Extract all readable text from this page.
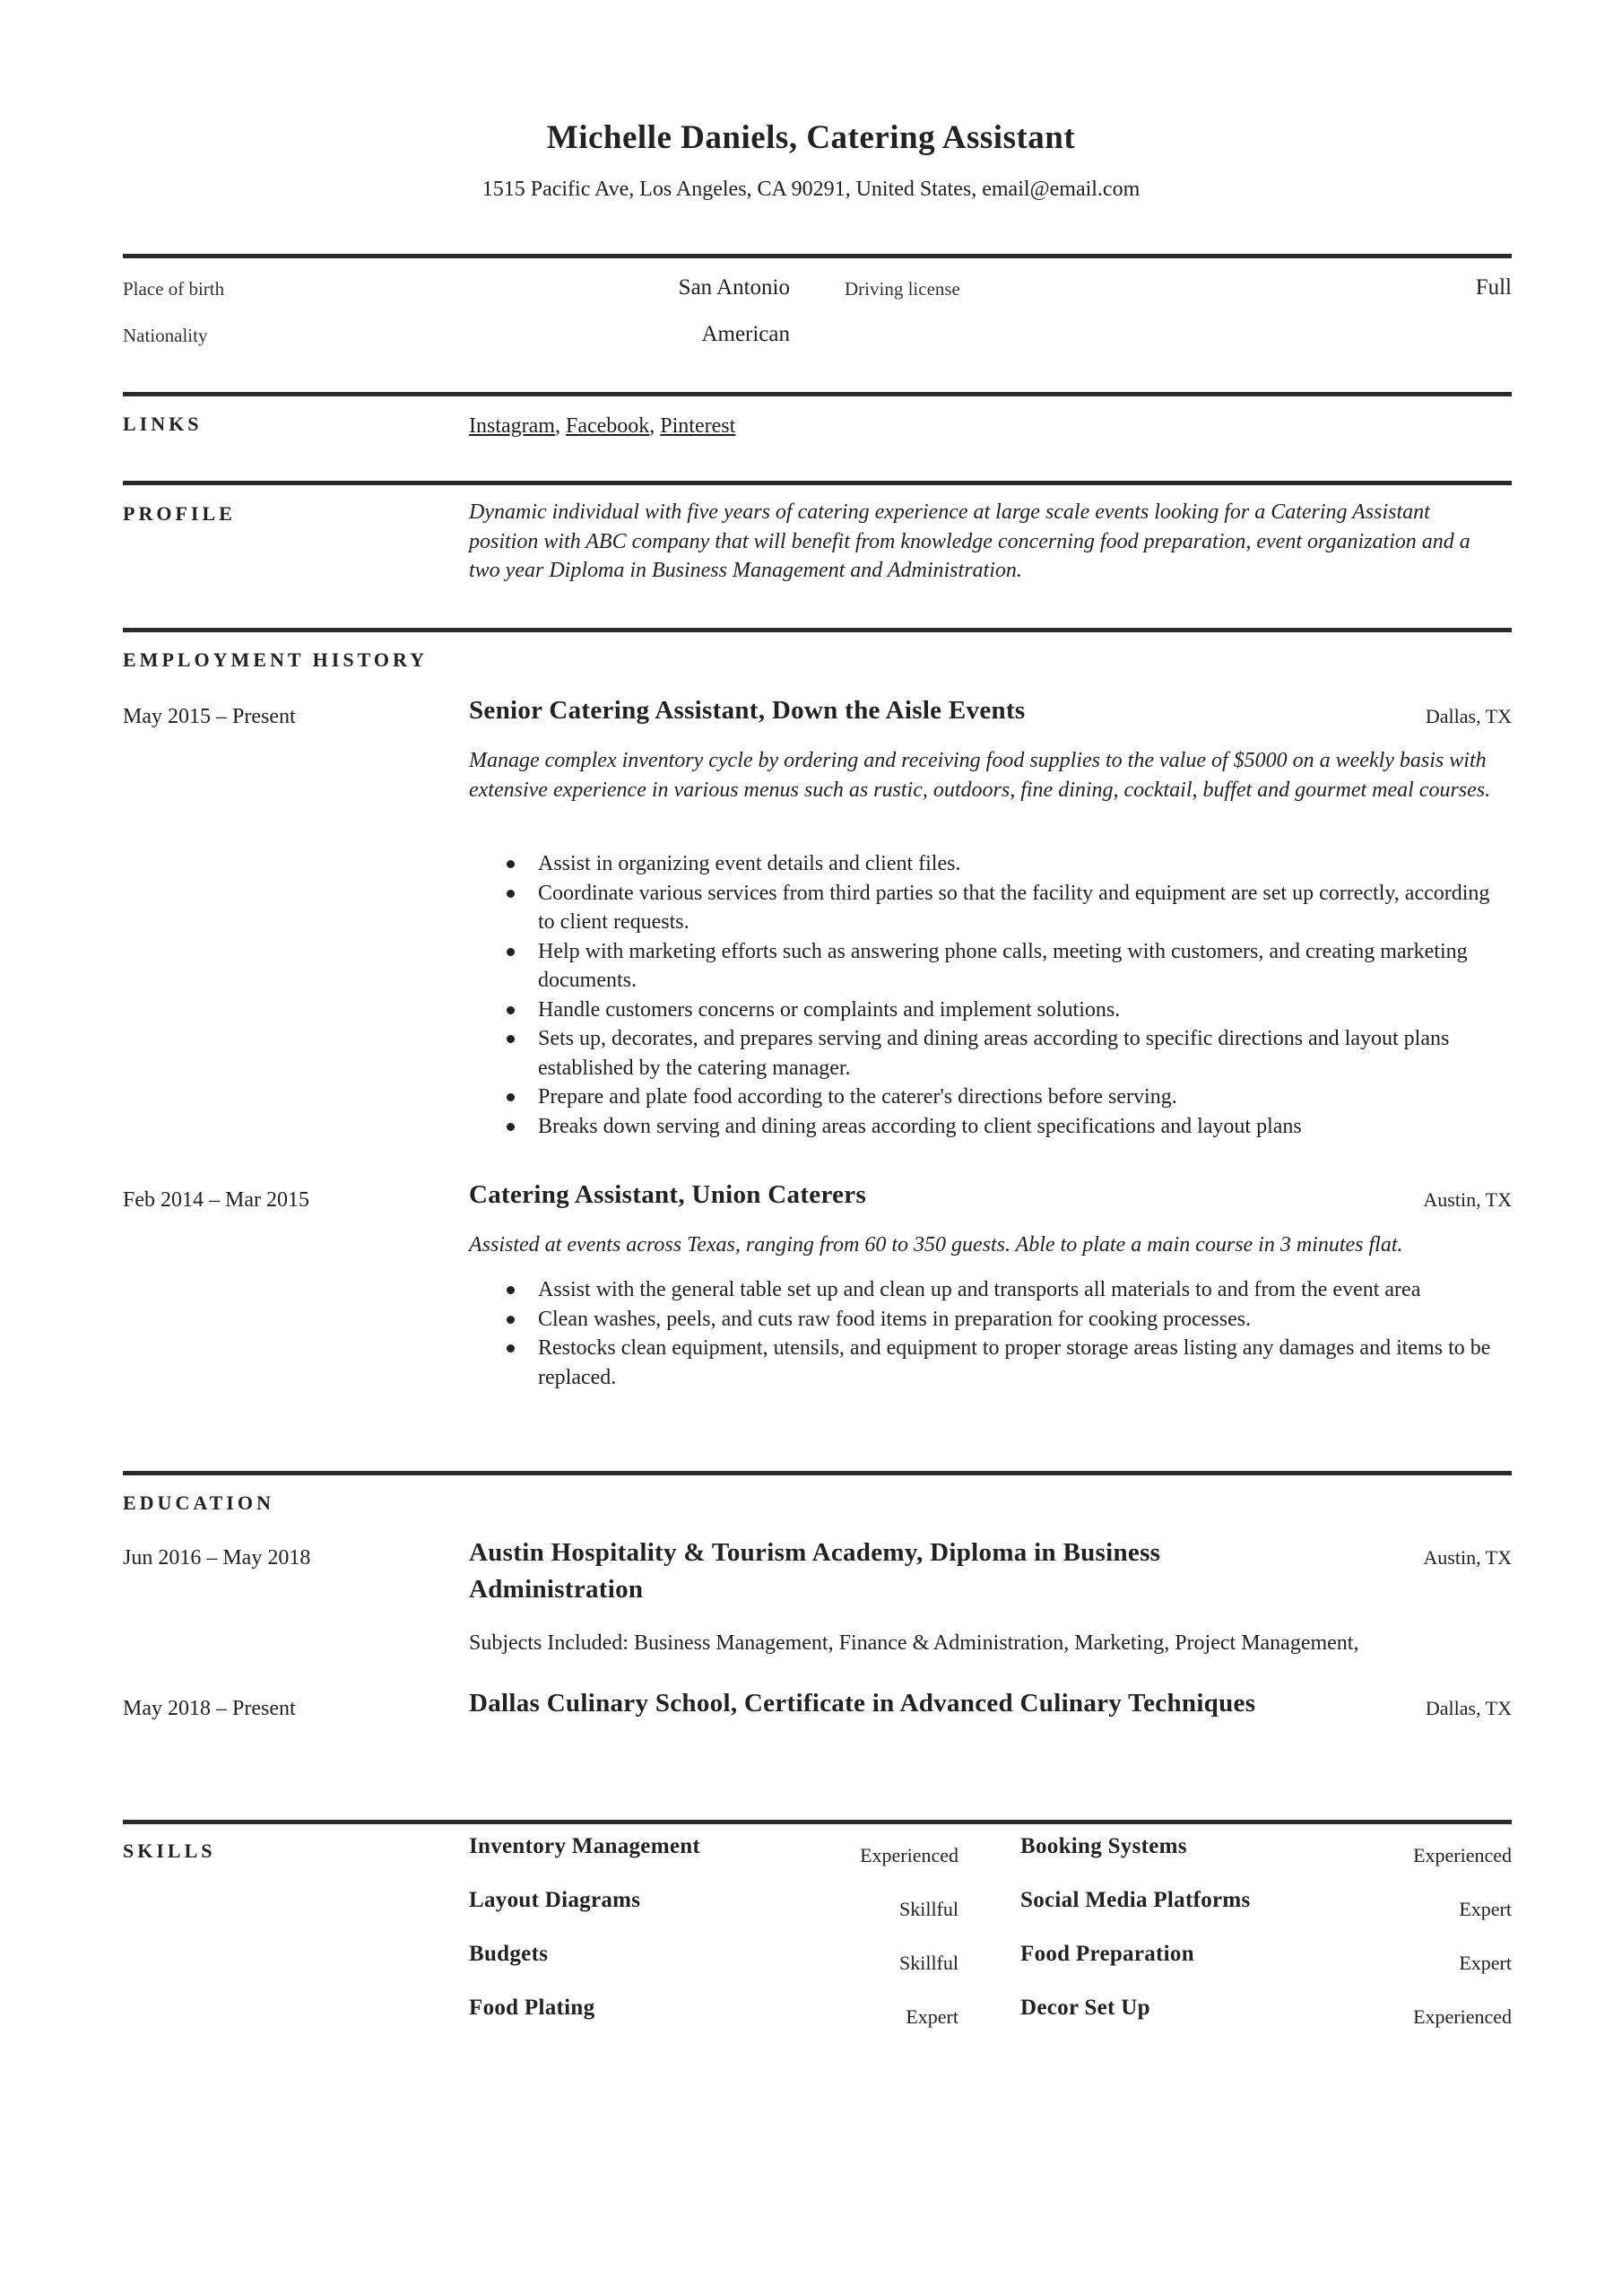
Michelle Daniels, Catering Assistant
1515 Pacific Ave, Los Angeles, CA 90291, United States, email@email.com
Place of birth	San Antonio	Driving license	Full
Nationality	American
LINKS	Instagram, Facebook, Pinterest
PROFILE	Dynamic individual with five years of catering experience at large scale events looking for a Catering Assistant position with ABC company that will benefit from knowledge concerning food preparation, event organization and a two year Diploma in Business Management and Administration.
EMPLOYMENT HISTORY
May 2015 – Present	Senior Catering Assistant, Down the Aisle Events	Dallas, TX
Manage complex inventory cycle by ordering and receiving food supplies to the value of $5000 on a weekly basis with extensive experience in various menus such as rustic, outdoors, fine dining, cocktail, buffet and gourmet meal courses.
Assist in organizing event details and client files.
Coordinate various services from third parties so that the facility and equipment are set up correctly, according to client requests.
Help with marketing efforts such as answering phone calls, meeting with customers, and creating marketing documents.
Handle customers concerns or complaints and implement solutions.
Sets up, decorates, and prepares serving and dining areas according to specific directions and layout plans established by the catering manager.
Prepare and plate food according to the caterer's directions before serving.
Breaks down serving and dining areas according to client specifications and layout plans
Feb 2014 – Mar 2015	Catering Assistant, Union Caterers	Austin, TX
Assisted at events across Texas, ranging from 60 to 350 guests. Able to plate a main course in 3 minutes flat.
Assist with the general table set up and clean up and transports all materials to and from the event area
Clean washes, peels, and cuts raw food items in preparation for cooking processes.
Restocks clean equipment, utensils, and equipment to proper storage areas listing any damages and items to be replaced.
EDUCATION
Jun 2016 – May 2018	Austin Hospitality & Tourism Academy, Diploma in Business Administration
Austin, TX
Subjects Included: Business Management, Finance & Administration, Marketing, Project Management,
May 2018 – Present	Dallas Culinary School, Certificate in Advanced Culinary Techniques	Dallas, TX
SKILLS	Inventory Management	Experienced	Booking Systems	Experienced
Layout Diagrams	Skillful	Social Media Platforms	Expert
Budgets	Skillful	Food Preparation	Expert
Food Plating	Expert	Decor Set Up	Experienced
